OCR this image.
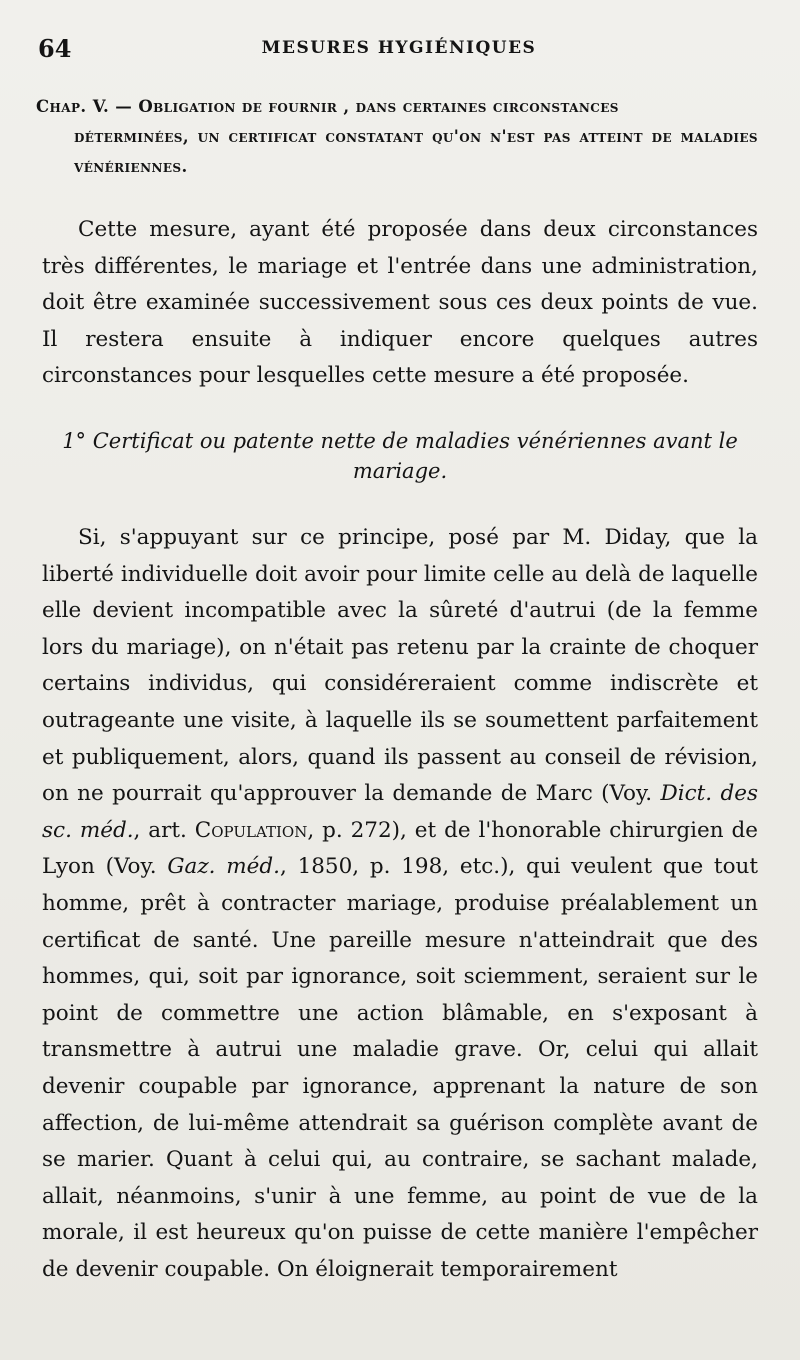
64	MESURES HYGIÉNIQUES
Chap. V. — Obligation de fournir , dans certaines circonstances
déterminées, un certificat constatant qu'on n'est pas atteint de maladies vénériennes.

Cette mesure, ayant été proposée dans deux circonstances très différentes, le mariage et l'entrée dans une administration, doit être examinée successivement sous ces deux points de vue. Il restera ensuite à indiquer encore quelques autres circonstances pour lesquelles cette mesure a été proposée.

1° Certificat ou patente nette de maladies vénériennes avant le mariage.

Si, s'appuyant sur ce principe, posé par M. Diday, que la liberté individuelle doit avoir pour limite celle au delà de laquelle elle devient incompatible avec la sûreté d'autrui (de la femme lors du mariage), on n'était pas retenu par la crainte de choquer certains individus, qui considéreraient comme indiscrète et outrageante une visite, à laquelle ils se soumettent parfaitement et publiquement, alors, quand ils passent au conseil de révision, on ne pourrait qu'approuver la demande de Marc (Voy. Dict. des sc. méd., art. Copulation, p. 272), et de l'honorable chirurgien de Lyon (Voy. Gaz. méd., 1850, p. 198, etc.), qui veulent que tout homme, prêt à contracter mariage, produise préalablement un certificat de santé. Une pareille mesure n'atteindrait que des hommes, qui, soit par ignorance, soit sciemment, seraient sur le point de commettre une action blâmable, en s'exposant à transmettre à autrui une maladie grave. Or, celui qui allait devenir coupable par ignorance, apprenant la nature de son affection, de lui-même attendrait sa guérison complète avant de se marier. Quant à celui qui, au contraire, se sachant malade, allait, néanmoins, s'unir à une femme, au point de vue de la morale, il est heureux qu'on puisse de cette manière l'empêcher de devenir coupable. On éloignerait temporairement
